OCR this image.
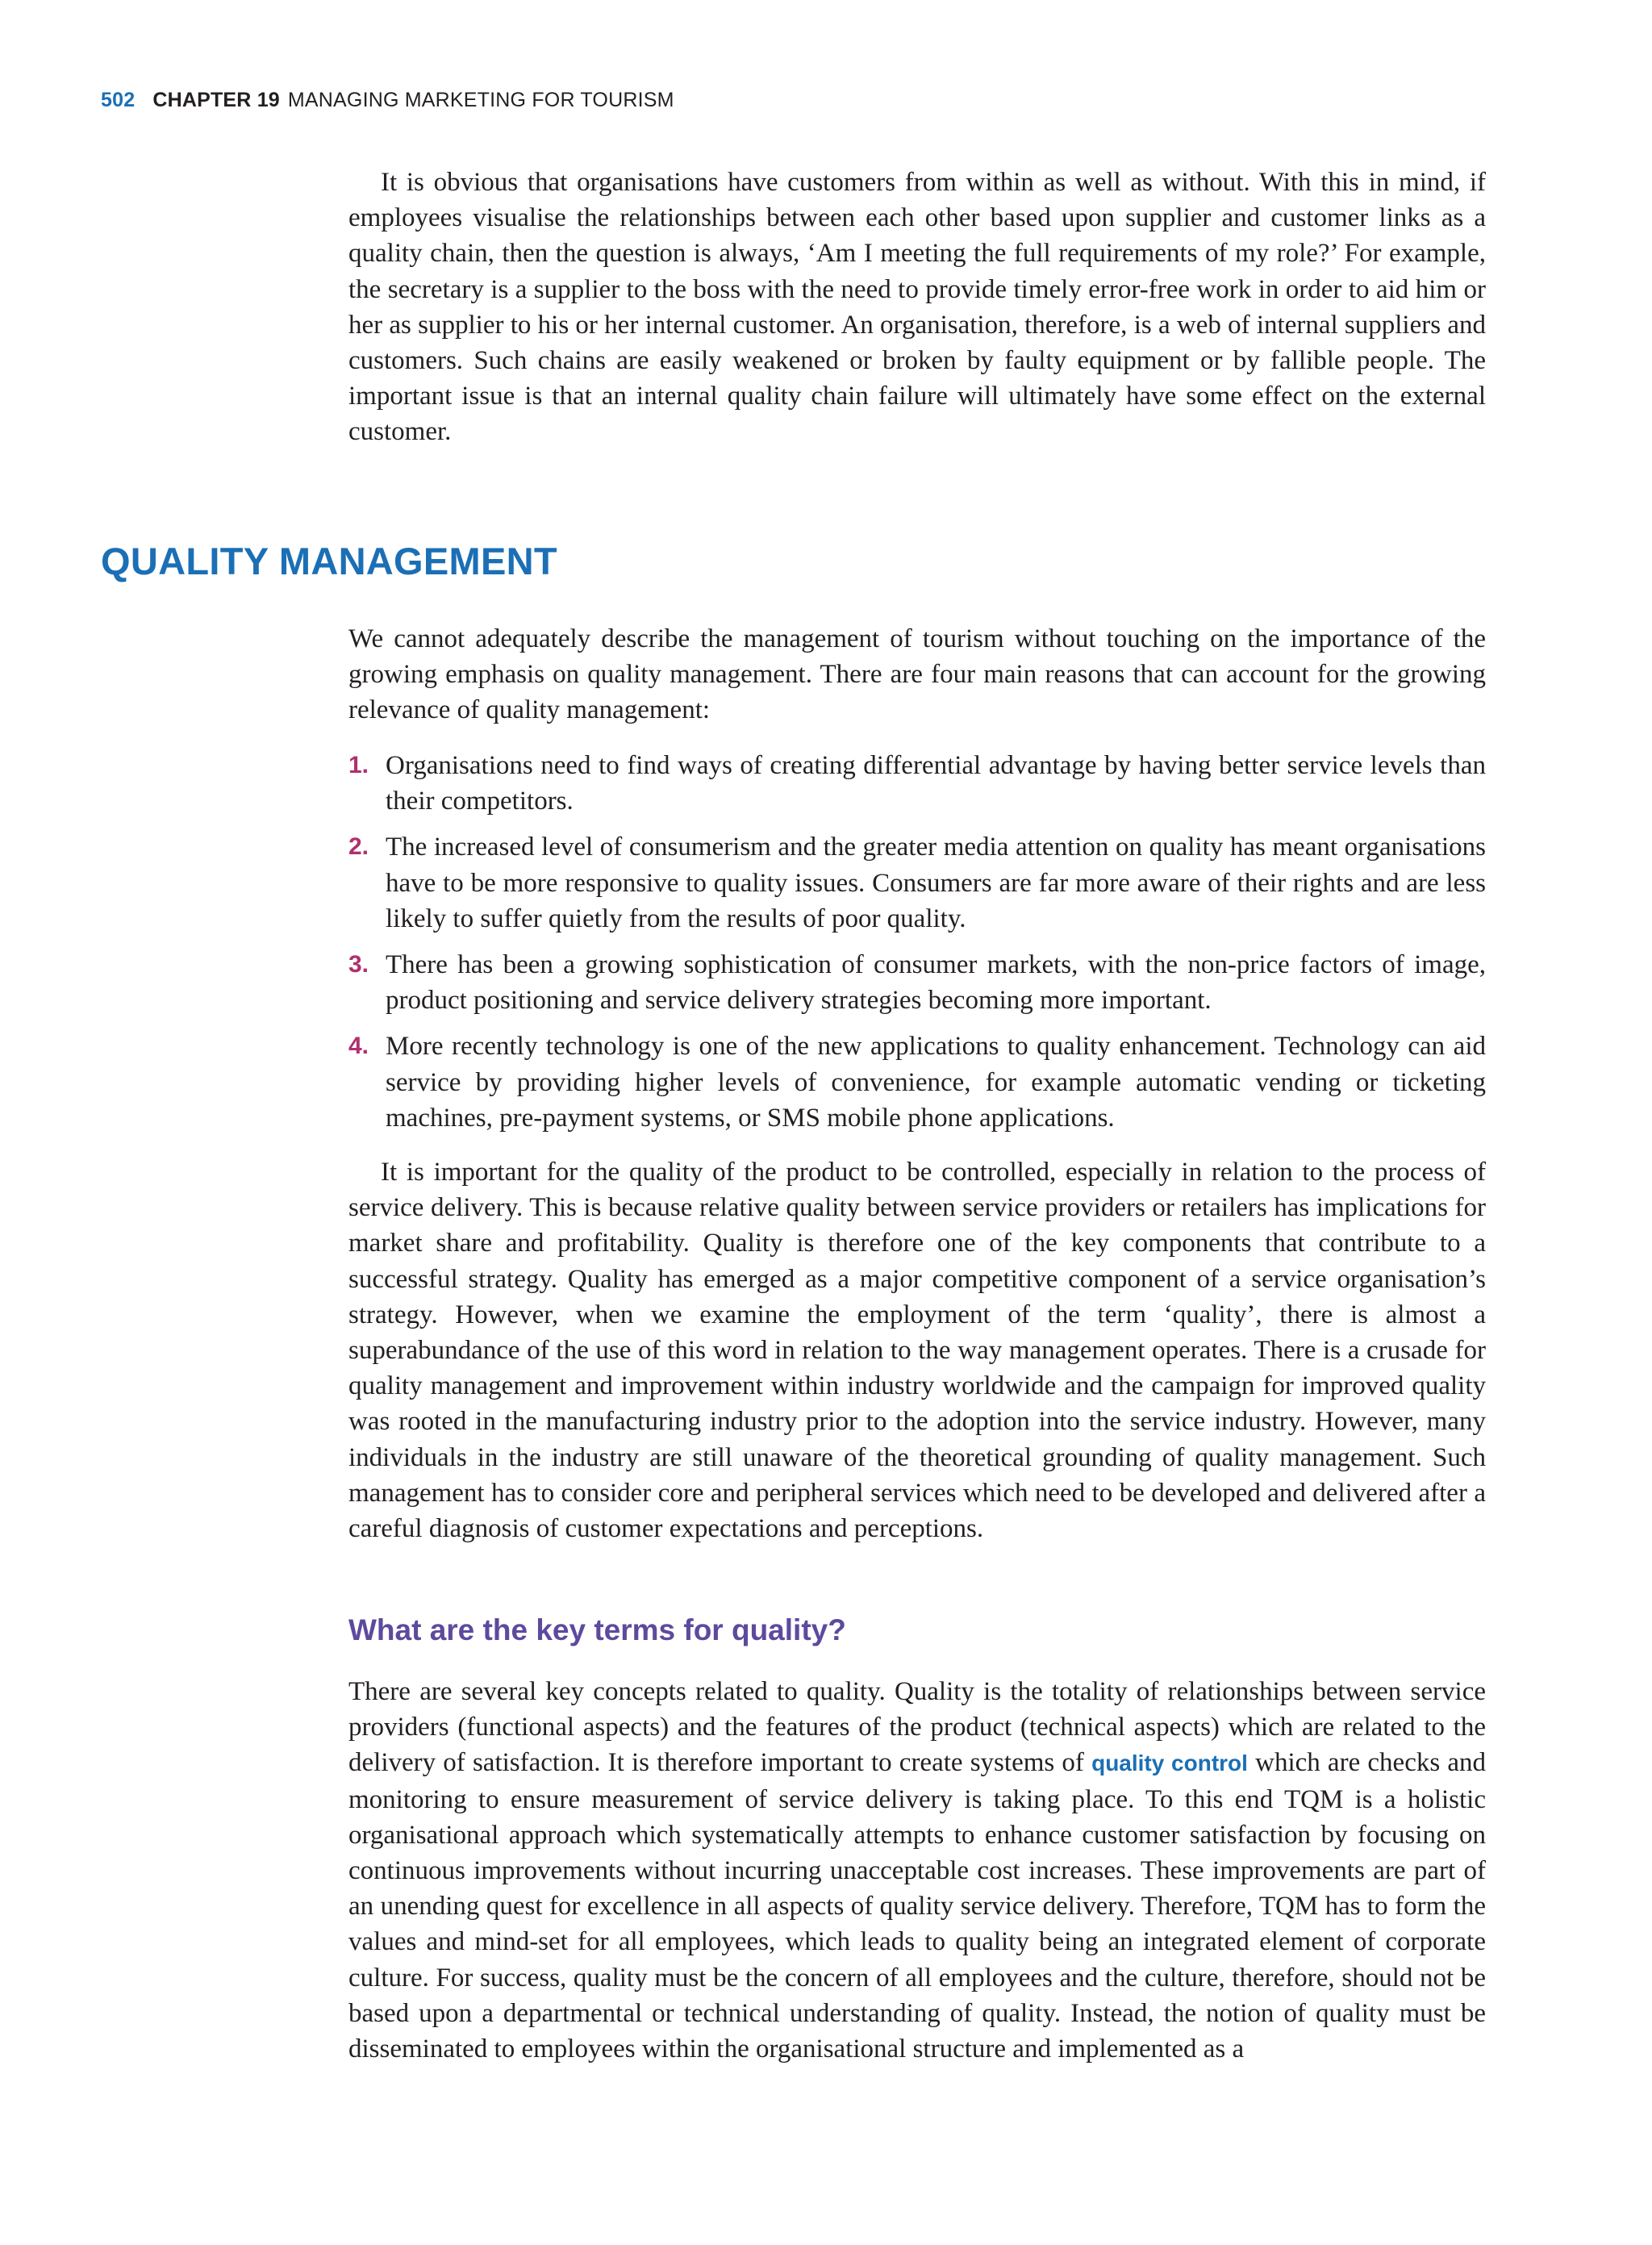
502 CHAPTER 19 MANAGING MARKETING FOR TOURISM

It is obvious that organisations have customers from within as well as without. With this in mind, if employees visualise the relationships between each other based upon supplier and customer links as a quality chain, then the question is always, ‘Am I meeting the full requirements of my role?’ For example, the secretary is a supplier to the boss with the need to provide timely error-free work in order to aid him or her as supplier to his or her internal customer. An organisation, therefore, is a web of internal suppliers and customers. Such chains are easily weakened or broken by faulty equipment or by fallible people. The important issue is that an internal quality chain failure will ultimately have some effect on the external customer.

QUALITY MANAGEMENT

We cannot adequately describe the management of tourism without touching on the importance of the growing emphasis on quality management. There are four main reasons that can account for the growing relevance of quality management:

1. Organisations need to find ways of creating differential advantage by having better service levels than their competitors.
2. The increased level of consumerism and the greater media attention on quality has meant organisations have to be more responsive to quality issues. Consumers are far more aware of their rights and are less likely to suffer quietly from the results of poor quality.
3. There has been a growing sophistication of consumer markets, with the non-price factors of image, product positioning and service delivery strategies becoming more important.
4. More recently technology is one of the new applications to quality enhancement. Technology can aid service by providing higher levels of convenience, for example automatic vending or ticketing machines, pre-payment systems, or SMS mobile phone applications.

It is important for the quality of the product to be controlled, especially in relation to the process of service delivery. This is because relative quality between service providers or retailers has implications for market share and profitability. Quality is therefore one of the key components that contribute to a successful strategy. Quality has emerged as a major competitive component of a service organisation’s strategy. However, when we examine the employment of the term ‘quality’, there is almost a superabundance of the use of this word in relation to the way management operates. There is a crusade for quality management and improvement within industry worldwide and the campaign for improved quality was rooted in the manufacturing industry prior to the adoption into the service industry. However, many individuals in the industry are still unaware of the theoretical grounding of quality management. Such management has to consider core and peripheral services which need to be developed and delivered after a careful diagnosis of customer expectations and perceptions.

What are the key terms for quality?

There are several key concepts related to quality. Quality is the totality of relationships between service providers (functional aspects) and the features of the product (technical aspects) which are related to the delivery of satisfaction. It is therefore important to create systems of quality control which are checks and monitoring to ensure measurement of service delivery is taking place. To this end TQM is a holistic organisational approach which systematically attempts to enhance customer satisfaction by focusing on continuous improvements without incurring unacceptable cost increases. These improvements are part of an unending quest for excellence in all aspects of quality service delivery. Therefore, TQM has to form the values and mind-set for all employees, which leads to quality being an integrated element of corporate culture. For success, quality must be the concern of all employees and the culture, therefore, should not be based upon a departmental or technical understanding of quality. Instead, the notion of quality must be disseminated to employees within the organisational structure and implemented as a
